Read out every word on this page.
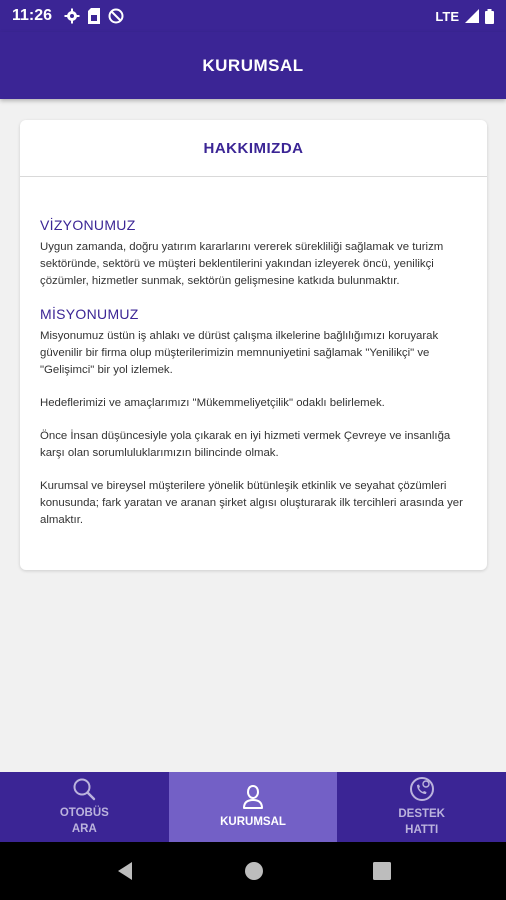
11:26	LTE
KURUMSAL
HAKKIMIZDA
VİZYONUMUZ

Uygun zamanda, doğru yatırım kararlarını vererek sürekliliği sağlamak ve turizm sektöründe, sektörü ve müşteri beklentilerini yakından izleyerek öncü, yenilikçi çözümler, hizmetler sunmak, sektörün gelişmesine katkıda bulunmaktır.

MİSYONUMUZ

Misyonumuz üstün iş ahlakı ve dürüst çalışma ilkelerine bağlılığımızı koruyarak güvenilir bir firma olup müşterilerimizin memnuniyetini sağlamak "Yenilikçi" ve "Gelişimci" bir yol izlemek.

Hedeflerimizi ve amaçlarımızı "Mükemmeliyetçilik" odaklı belirlemek.

Önce İnsan düşüncesiyle yola çıkarak en iyi hizmeti vermek Çevreye ve insanlığa karşı olan sorumluluklarımızın bilincinde olmak.

Kurumsal ve bireysel müşterilere yönelik bütünleşik etkinlik ve seyahat çözümleri konusunda; fark yaratan ve aranan şirket algısı oluşturarak ilk tercihleri arasında yer almaktır.

OTOBÜS
ARA
KURUMSAL
DESTEK
HATTI
